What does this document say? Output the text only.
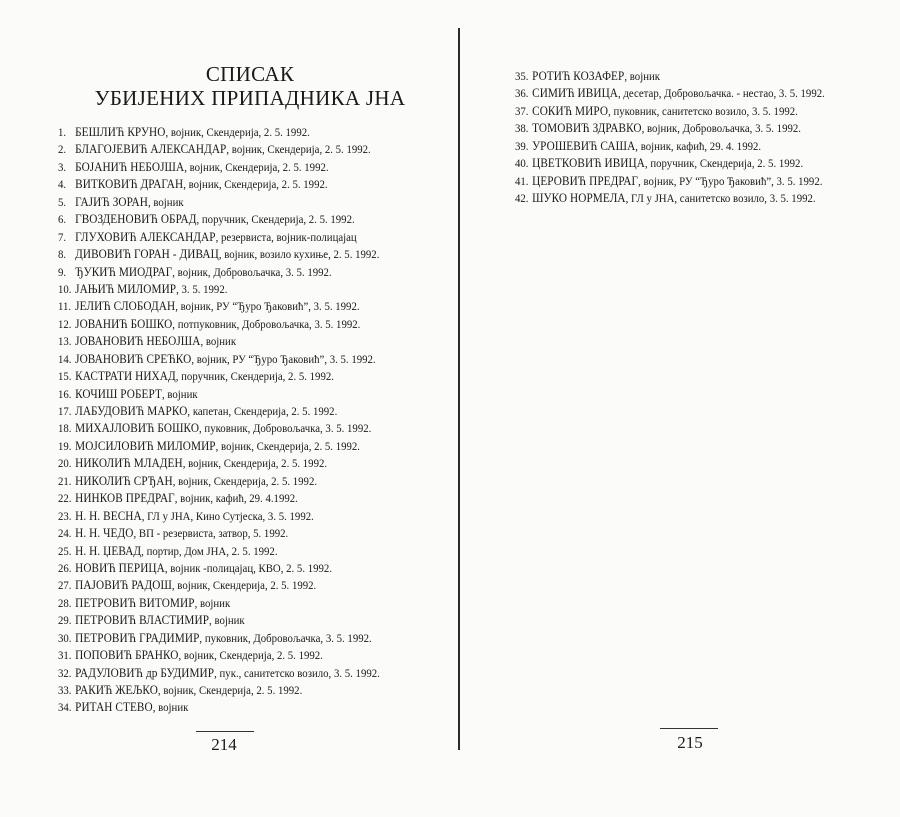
СПИСАК
УБИЈЕНИХ ПРИПАДНИКА ЈНА
1. БЕШЛИЋ КРУНО, војник, Скендерија, 2. 5. 1992.
2. БЛАГОЈЕВИЋ АЛЕКСАНДАР, војник, Скендерија, 2. 5. 1992.
3. БОЈАНИЋ НЕБОЈША, војник, Скендерија, 2. 5. 1992.
4. ВИТКОВИЋ ДРАГАН, војник, Скендерија, 2. 5. 1992.
5. ГАЈИЋ ЗОРАН, војник
6. ГВОЗДЕНОВИЋ ОБРАД, поручник, Скендерија, 2. 5. 1992.
7. ГЛУХОВИЋ АЛЕКСАНДАР, резервиста, војник-полицајац
8. ДИВОВИЋ ГОРАН - ДИВАЦ, војник, возило кухиње, 2. 5. 1992.
9. ЂУКИЋ МИОДРАГ, војник, Добровољачка, 3. 5. 1992.
10. ЈАЊИЋ МИЛОМИР, 3. 5. 1992.
11. ЈЕЛИЋ СЛОБОДАН, војник, РУ “Ђуро Ђаковић”, 3. 5. 1992.
12. ЈОВАНИЋ БОШКО, потпуковник, Добровољачка, 3. 5. 1992.
13. ЈОВАНОВИЋ НЕБОЈША, војник
14. ЈОВАНОВИЋ СРЕЋКО, војник, РУ “Ђуро Ђаковић”, 3. 5. 1992.
15. КАСТРАТИ НИХАД, поручник, Скендерија, 2. 5. 1992.
16. КОЧИШ РОБЕРТ, војник
17. ЛАБУДОВИЋ МАРКО, капетан, Скендерија, 2. 5. 1992.
18. МИХАЈЛОВИЋ БОШКО, пуковник, Добровољачка, 3. 5. 1992.
19. МОЈСИЛОВИЋ МИЛОМИР, војник, Скендерија, 2. 5. 1992.
20. НИКОЛИЋ МЛАДЕН, војник, Скендерија, 2. 5. 1992.
21. НИКОЛИЋ СРЂАН, војник, Скендерија, 2. 5. 1992.
22. НИНКОВ ПРЕДРАГ, војник, кафић, 29. 4.1992.
23. Н. Н. ВЕСНА, ГЛ у ЈНА, Кино Сутјеска, 3. 5. 1992.
24. Н. Н. ЧЕДО, ВП - резервиста, затвор, 5. 1992.
25. Н. Н. ЏЕВАД, портир, Дом ЈНА, 2. 5. 1992.
26. НОВИЋ ПЕРИЦА, војник -полицајац, КВО, 2. 5. 1992.
27. ПАЈОВИЋ РАДОШ, војник, Скендерија, 2. 5. 1992.
28. ПЕТРОВИЋ ВИТОМИР, војник
29. ПЕТРОВИЋ ВЛАСТИМИР, војник
30. ПЕТРОВИЋ ГРАДИМИР, пуковник, Добровољачка, 3. 5. 1992.
31. ПОПОВИЋ БРАНКО, војник, Скендерија, 2. 5. 1992.
32. РАДУЛОВИЋ др БУДИМИР, пук., санитетско возило, 3. 5. 1992.
33. РАКИЋ ЖЕЉКО, војник, Скендерија, 2. 5. 1992.
34. РИТАН СТЕВО, војник
214
35. РОТИЋ КОЗАФЕР, војник
36. СИМИЋ ИВИЦА, десетар, Добровољачка. - нестао, 3. 5. 1992.
37. СОКИЋ МИРО, пуковник, санитетско возило, 3. 5. 1992.
38. ТОМОВИЋ ЗДРАВКО, војник, Добровољачка, 3. 5. 1992.
39. УРОШЕВИЋ САША, војник, кафић, 29. 4. 1992.
40. ЦВЕТКОВИЋ ИВИЦА, поручник, Скендерија, 2. 5. 1992.
41. ЦЕРОВИЋ ПРЕДРАГ, војник, РУ “Ђуро Ђаковић”, 3. 5. 1992.
42. ШУКО НОРМЕЛА, ГЛ у ЈНА, санитетско возило, 3. 5. 1992.
215
